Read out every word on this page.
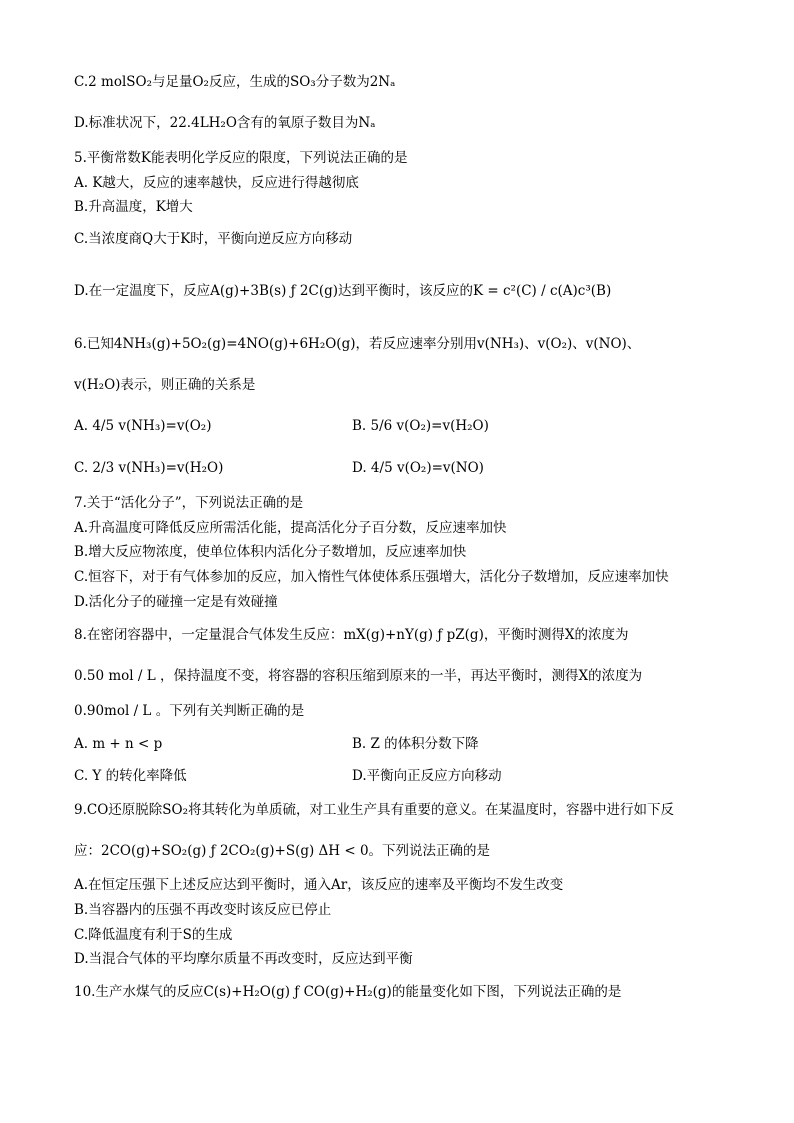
C.2 molSO₂与足量O₂反应，生成的SO₃分子数为2Nₐ
D.标准状况下，22.4LH₂O含有的氧原子数目为Nₐ
5.平衡常数K能表明化学反应的限度，下列说法正确的是
A. K越大，反应的速率越快，反应进行得越彻底
B.升高温度，K增大
C.当浓度商Q大于K时，平衡向逆反应方向移动
D.在一定温度下，反应A(g)+3B(s) ƒ 2C(g)达到平衡时，该反应的K = c²(C) / c(A)c³(B)
6.已知4NH₃(g)+5O₂(g)=4NO(g)+6H₂O(g)，若反应速率分别用v(NH₃)、v(O₂)、v(NO)、
v(H₂O)表示，则正确的关系是
A. 4/5 v(NH₃)=v(O₂)	B. 5/6 v(O₂)=v(H₂O)
C. 2/3 v(NH₃)=v(H₂O)	D. 4/5 v(O₂)=v(NO)
7.关于“活化分子”，下列说法正确的是
A.升高温度可降低反应所需活化能，提高活化分子百分数，反应速率加快
B.增大反应物浓度，使单位体积内活化分子数增加，反应速率加快
C.恒容下，对于有气体参加的反应，加入惰性气体使体系压强增大，活化分子数增加，反应速率加快
D.活化分子的碰撞一定是有效碰撞
8.在密闭容器中，一定量混合气体发生反应：mX(g)+nY(g) ƒ pZ(g)，平衡时测得X的浓度为
0.50 mol / L ，保持温度不变，将容器的容积压缩到原来的一半，再达平衡时，测得X的浓度为
0.90mol / L 。下列有关判断正确的是
A. m + n < p	B. Z 的体积分数下降
C. Y 的转化率降低	D.平衡向正反应方向移动
9.CO还原脱除SO₂将其转化为单质硫，对工业生产具有重要的意义。在某温度时，容器中进行如下反
应：2CO(g)+SO₂(g) ƒ 2CO₂(g)+S(g) ΔH < 0。下列说法正确的是
A.在恒定压强下上述反应达到平衡时，通入Ar，该反应的速率及平衡均不发生改变
B.当容器内的压强不再改变时该反应已停止
C.降低温度有利于S的生成
D.当混合气体的平均摩尔质量不再改变时，反应达到平衡
10.生产水煤气的反应C(s)+H₂O(g) ƒ CO(g)+H₂(g)的能量变化如下图，下列说法正确的是
